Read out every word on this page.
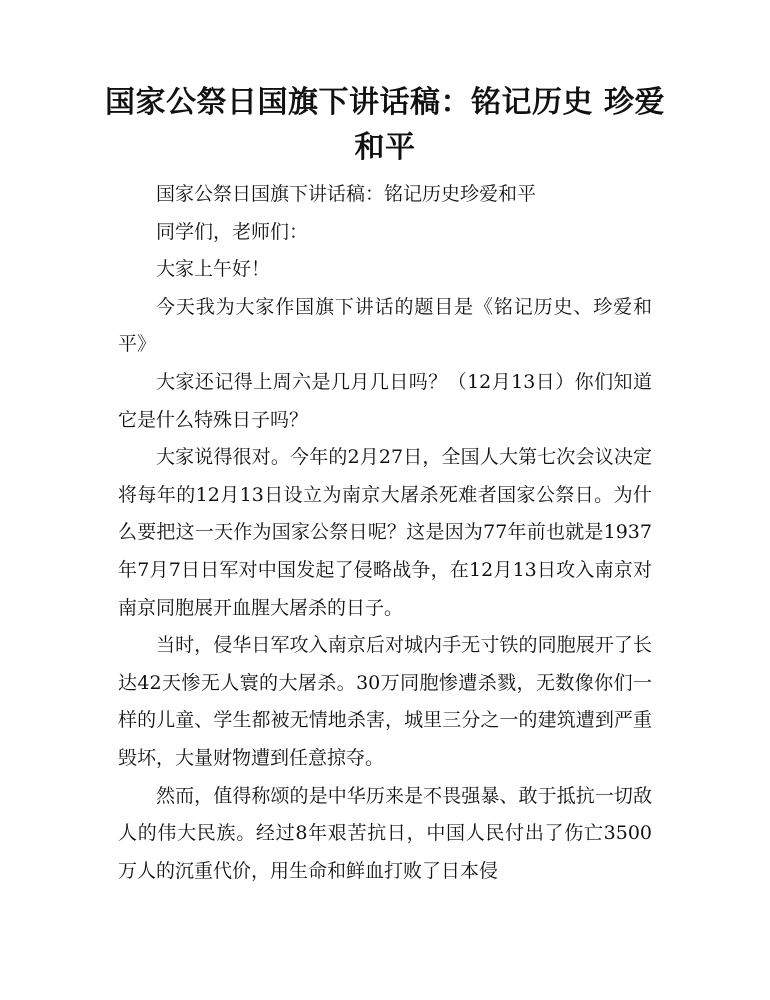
国家公祭日国旗下讲话稿：铭记历史 珍爱和平

国家公祭日国旗下讲话稿：铭记历史珍爱和平

同学们，老师们：

大家上午好！

今天我为大家作国旗下讲话的题目是《铭记历史、珍爱和平》

大家还记得上周六是几月几日吗？（12月13日）你们知道它是什么特殊日子吗？

大家说得很对。今年的2月27日，全国人大第七次会议决定将每年的12月13日设立为南京大屠杀死难者国家公祭日。为什么要把这一天作为国家公祭日呢？这是因为77年前也就是1937年7月7日日军对中国发起了侵略战争，在12月13日攻入南京对南京同胞展开血腥大屠杀的日子。

当时，侵华日军攻入南京后对城内手无寸铁的同胞展开了长达42天惨无人寰的大屠杀。30万同胞惨遭杀戮，无数像你们一样的儿童、学生都被无情地杀害，城里三分之一的建筑遭到严重毁坏，大量财物遭到任意掠夺。

然而，值得称颂的是中华历来是不畏强暴、敢于抵抗一切敌人的伟大民族。经过8年艰苦抗日，中国人民付出了伤亡3500万人的沉重代价，用生命和鲜血打败了日本侵
